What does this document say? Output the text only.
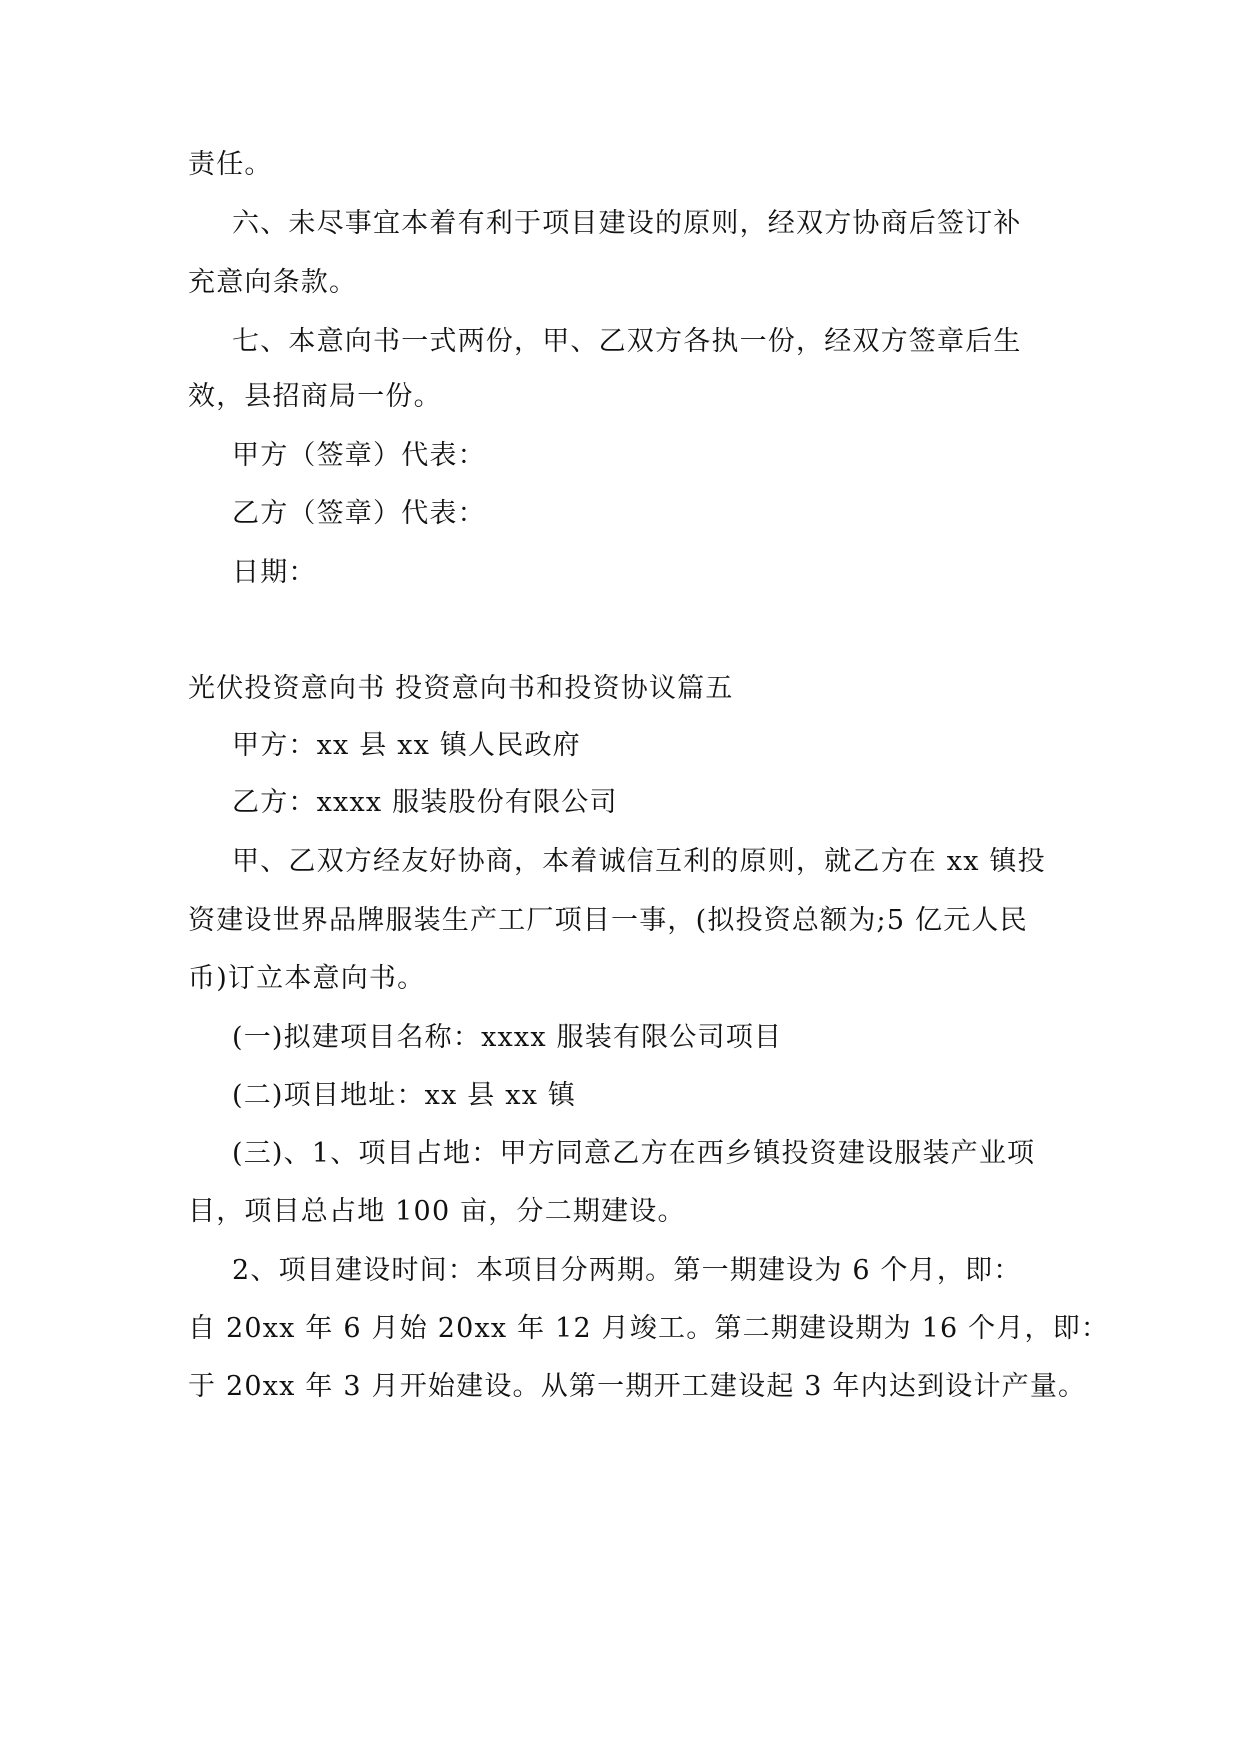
责任。
六、未尽事宜本着有利于项目建设的原则，经双方协商后签订补
充意向条款。
七、本意向书一式两份，甲、乙双方各执一份，经双方签章后生
效，县招商局一份。
甲方（签章）代表：
乙方（签章）代表：
日期：
光伏投资意向书 投资意向书和投资协议篇五
甲方：xx 县 xx 镇人民政府
乙方：xxxx 服装股份有限公司
甲、乙双方经友好协商，本着诚信互利的原则，就乙方在 xx 镇投
资建设世界品牌服装生产工厂项目一事，(拟投资总额为;5 亿元人民
币)订立本意向书。
(一)拟建项目名称：xxxx 服装有限公司项目
(二)项目地址：xx 县 xx 镇
(三)、1、项目占地：甲方同意乙方在西乡镇投资建设服装产业项
目，项目总占地 100 亩，分二期建设。
2、项目建设时间：本项目分两期。第一期建设为 6 个月，即：
自 20xx 年 6 月始 20xx 年 12 月竣工。第二期建设期为 16 个月，即：
于 20xx 年 3 月开始建设。从第一期开工建设起 3 年内达到设计产量。
